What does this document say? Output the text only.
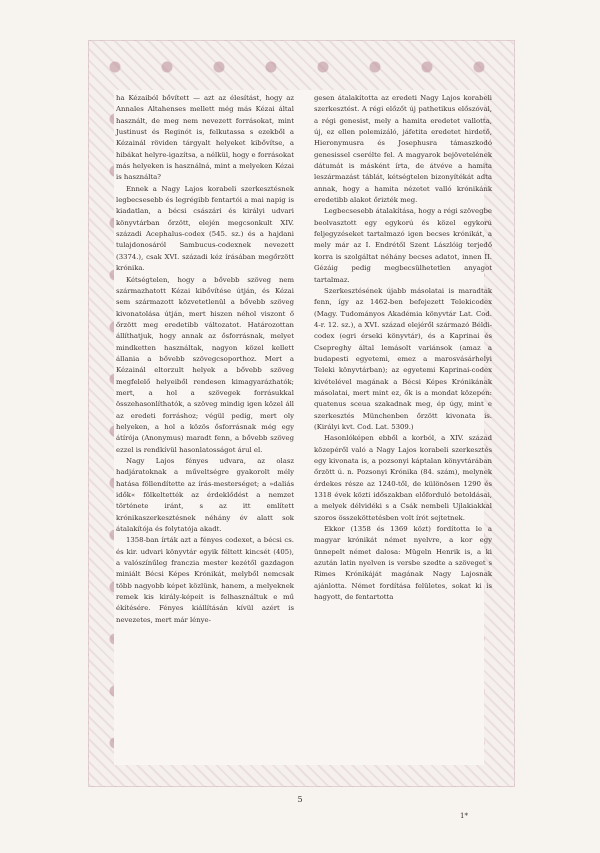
ha Kézaiból bővített — azt az élesítást, hogy az Annales Altahenses mellett még más Kézai által használt, de meg nem nevezett forrásokat, mint Justinust és Reginót is, felkutassa s ezekből a Kézainál röviden tárgyalt helyeket kibővítse, a hibákat helyre-igazítsa, a nélkül, hogy e forrásokat más helyeken is használná, mint a melyeken Kézai is használta?

Ennek a Nagy Lajos korabeli szerkesztésnek legbecsesebb és legrégibb fentartói a mai napig is kiadatlan, a bécsi császári és királyi udvari könyvtárban őrzött, elején megcsonkult XIV. századi Acephalus-codex (545. sz.) és a hajdani tulajdonosáról Sambucus-codexnek nevezett (3374.), csak XVI. századi kéz írásában megőrzött krónika.

Kétségtelen, hogy a bővebb szöveg nem származhatott Kézai kibővítése útján, és Kézai sem származott közvetetlenül a bővebb szöveg kivonatolása útján, mert hiszen néhol viszont ő őrzött meg eredetibb változatot. Határozottan állíthatjuk, hogy annak az ősforrásnak, melyet mindketten használtak, nagyon közel kellett állania a bővebb szövegcsoporthoz. Mert a Kézainál eltorzult helyek a bővebb szöveg megfelelő helyeiből rendesen kimagyarázhatók; mert, a hol a szövegek forrásukkal összehasonlíthatók, a szöveg mindig igen közel áll az eredeti forráshoz; végül pedig, mert oly helyeken, a hol a közös ősforrásnak még egy átírója (Anonymus) maradt fenn, a bővebb szöveg ezzel is rendkívül hasonlatosságot árul el.

Nagy Lajos fényes udvara, az olasz hadjáratoknak a műveltségre gyakorolt mély hatása föllendítette az írás-mesterséget; a »daliás idők« fölkeltették az érdeklődést a nemzet története iránt, s az itt említett krónikaszerkesztésnek néhány év alatt sok átalakítója és folytatója akadt.

1358-ban írták azt a fényes codexet, a bécsi cs. és kir. udvari könyvtár egyik féltett kincsét (405), a valószínűleg franczia mester kezétől gazdagon miniált Bécsi Képes Krónikát, melyből nemcsak több nagyobb képet közlünk, hanem, a melyeknek remek kis király-képeit is felhasználtuk e mű ékítésére. Fényes kiállításán kívül azért is nevezetes, mert már lénye-

gesen átalakította az eredeti Nagy Lajos korabeli szerkesztést. A régi előzőt új pathetikus előszóval, a régi genesist, mely a hamita eredetet vallotta, új, ez ellen polemizáló, jáfetita eredetet hirdető, Hieronymusra és Josephusra támaszkodó genesissel cserélte fel. A magyarok bejövetelének dátumát is másként írta, de átvéve a hamita leszármazást táblát, kétségtelen bizonyítékát adta annak, hogy a hamita nézetet valló krónikánk eredetibb alakot őrizték meg.

Legbecsesebb átalakítása, hogy a régi szövegbe beolvasztott egy egykorú és közel egykorú feljegyzéseket tartalmazó igen becses krónikát, a mely már az I. Endrétől Szent Lászlóig terjedő korra is szolgáltat néhány becses adatot, innen II. Gézáig pedig megbecsülhetetlen anyagot tartalmaz.

Szerkesztésének újabb másolatai is maradtak fenn, így az 1462-ben befejezett Telekicodex (Magy. Tudományos Akadémia könyvtár Lat. Cod. 4-r. 12. sz.), a XVI. század elejéről származó Béldi-codex (egri érseki könyvtár), és a Kaprinai és Csepreghy által lemásolt variánsok (amaz a budapesti egyetemi, emez a marosvásárhelyi Teleki könyvtárban); az egyetemi Kaprinai-codex kivételével magának a Bécsi Képes Krónikának másolatai, mert mint ez, ők is a mondat közepén: quatenus sceua szakadnak meg, ép úgy, mint e szerkesztés Münchenben őrzött kivonata is. (Királyi kvt. Cod. Lat. 5309.)

Hasonlóképen ebből a korból, a XIV. század közepéről való a Nagy Lajos korabeli szerkesztés egy kivonata is, a pozsonyi káptalan könyvtárában őrzött ú. n. Pozsonyi Krónika (84. szám), melynek érdekes része az 1240-től, de különösen 1290 és 1318 évek közti időszakban előforduló betoldásai, a melyek délvidéki s a Csák nembeli Ujlakiakkal szoros összeköttetésben volt írót sejtetnek.

Ekkor (1358 és 1369 közt) fordította le a magyar krónikát német nyelvre, a kor egy ünnepelt német dalosa: Mügeln Henrik is, a ki azután latin nyelven is versbe szedte a szöveget s Rimes Krónikáját magának Nagy Lajosnak ajánlotta. Német fordítása felületes, sokat ki is hagyott, de fentartotta

5
1*
